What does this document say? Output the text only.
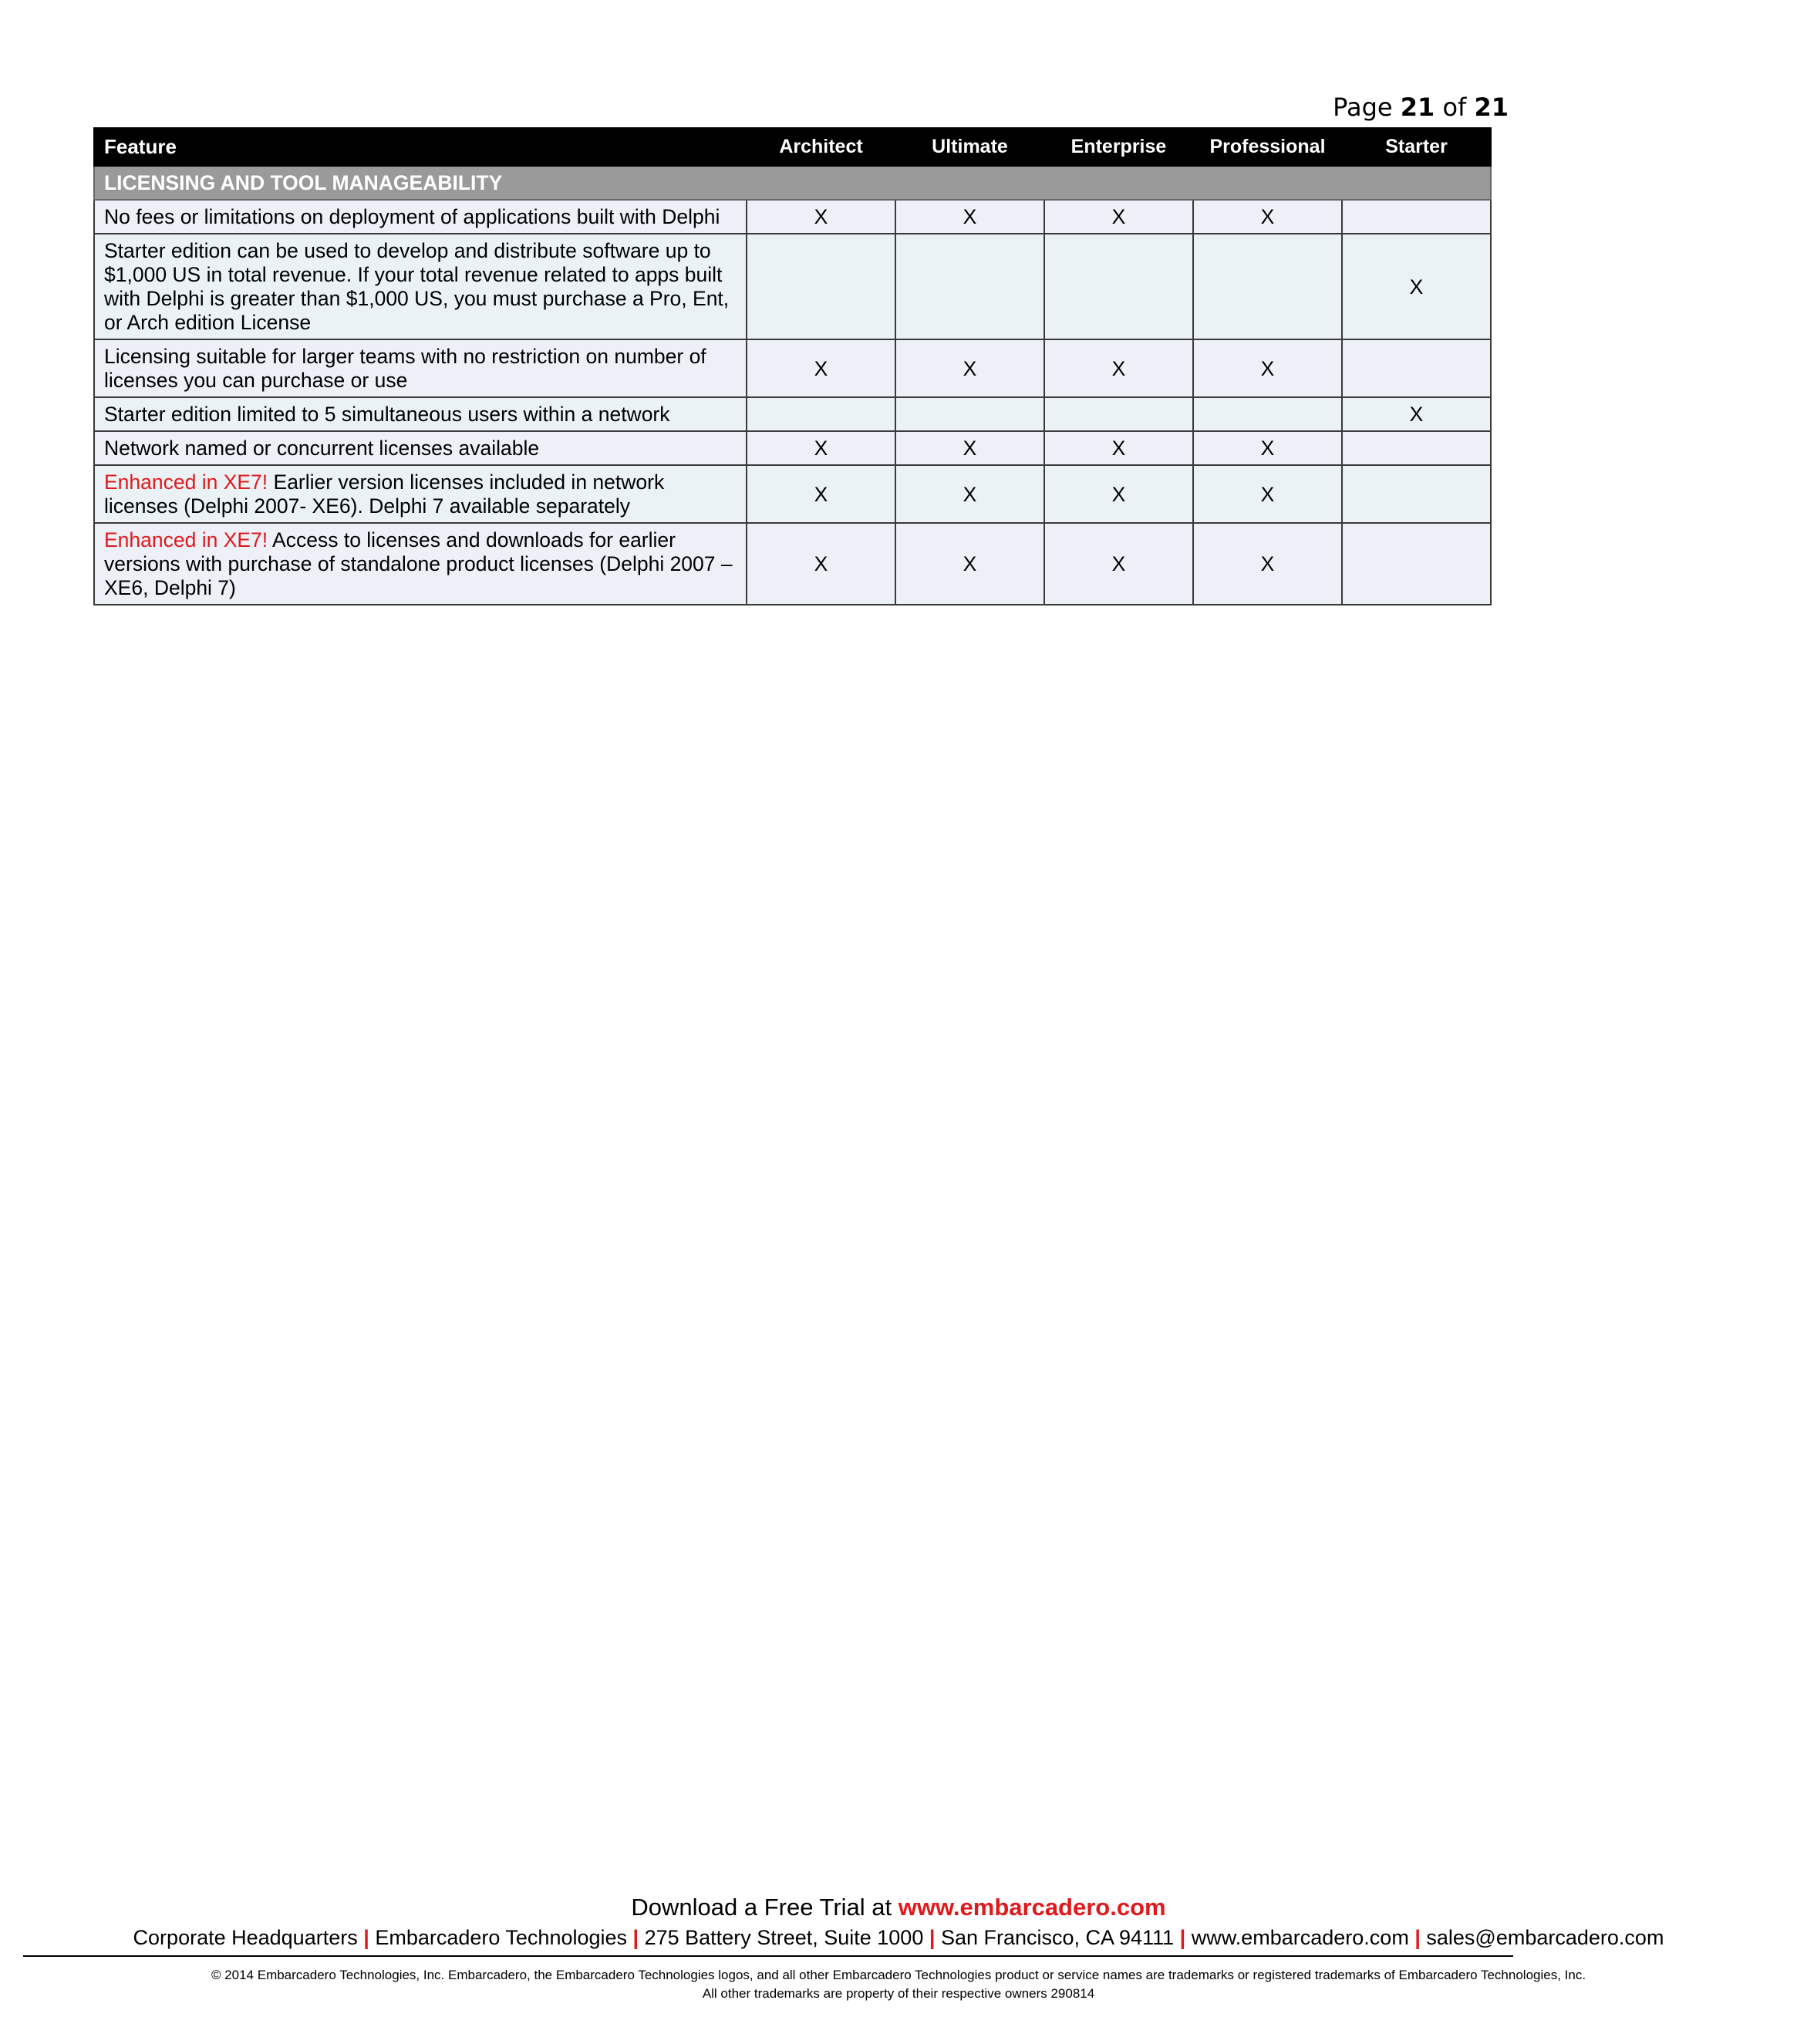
Page 21 of 21
Feature	Architect	Ultimate	Enterprise	Professional	Starter
LICENSING AND TOOL MANAGEABILITY					
No fees or limitations on deployment of applications built with Delphi	X	X	X	X	
Starter edition can be used to develop and distribute software up to $1,000 US in total revenue. If your total revenue related to apps built with Delphi is greater than $1,000 US, you must purchase a Pro, Ent, or Arch edition License					X
Licensing suitable for larger teams with no restriction on number of licenses you can purchase or use	X	X	X	X	
Starter edition limited to 5 simultaneous users within a network					X
Network named or concurrent licenses available	X	X	X	X	
Enhanced in XE7! Earlier version licenses included in network licenses (Delphi 2007- XE6). Delphi 7 available separately	X	X	X	X	
Enhanced in XE7! Access to licenses and downloads for earlier versions with purchase of standalone product licenses (Delphi 2007 – XE6, Delphi 7)	X	X	X	X	
Download a Free Trial at www.embarcadero.com
Corporate Headquarters | Embarcadero Technologies | 275 Battery Street, Suite 1000 | San Francisco, CA 94111 | www.embarcadero.com | sales@embarcadero.com
© 2014 Embarcadero Technologies, Inc. Embarcadero, the Embarcadero Technologies logos, and all other Embarcadero Technologies product or service names are trademarks or registered trademarks of Embarcadero Technologies, Inc.
All other trademarks are property of their respective owners 290814
